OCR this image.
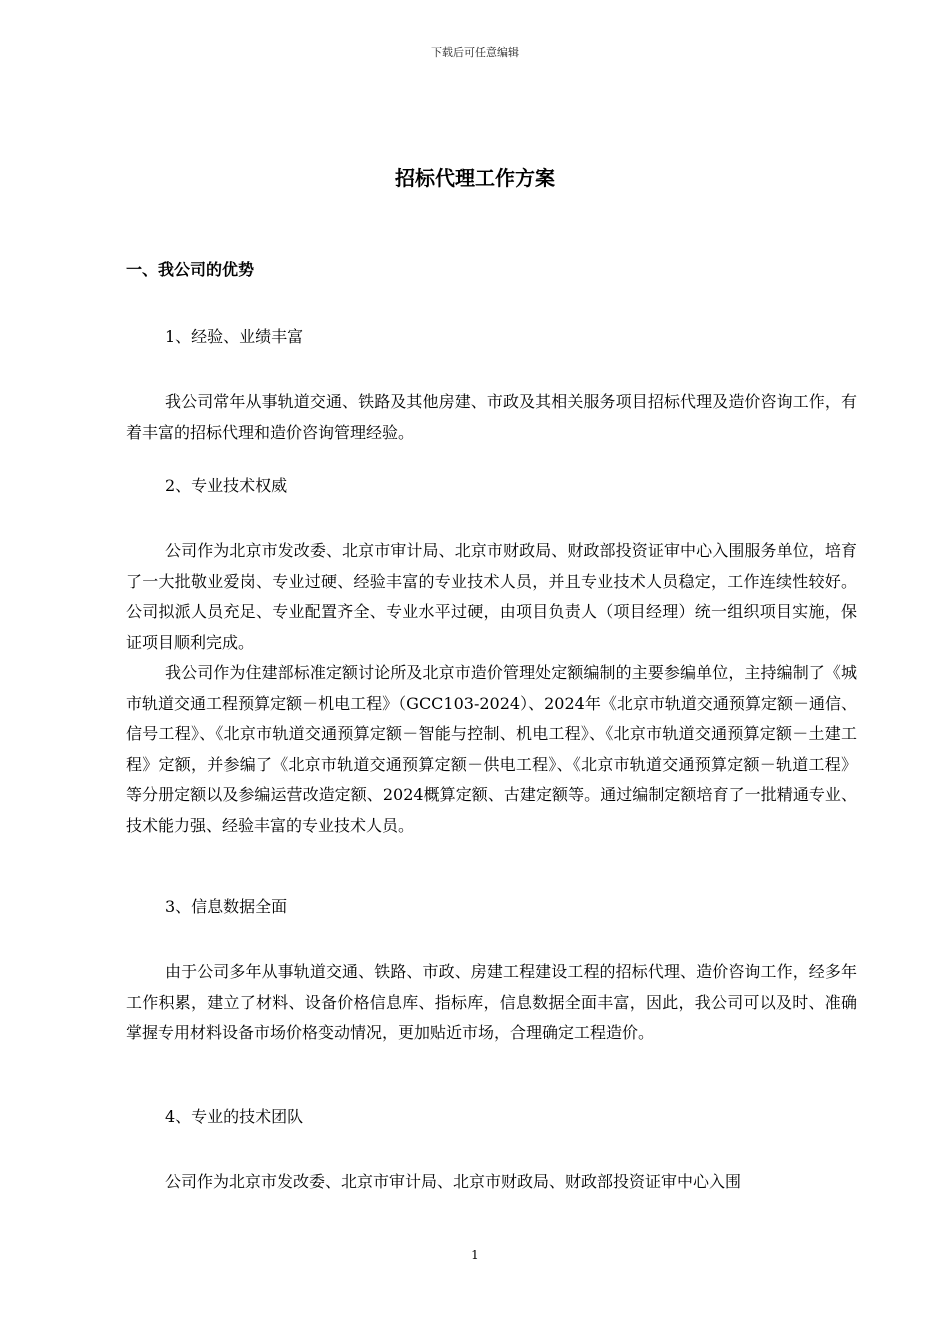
下载后可任意编辑
招标代理工作方案
一、我公司的优势
1、经验、业绩丰富

我公司常年从事轨道交通、铁路及其他房建、市政及其相关服务项目招标代理及造价咨询工作，有着丰富的招标代理和造价咨询管理经验。

2、专业技术权威

公司作为北京市发改委、北京市审计局、北京市财政局、财政部投资证审中心入围服务单位，培育了一大批敬业爱岗、专业过硬、经验丰富的专业技术人员，并且专业技术人员稳定，工作连续性较好。公司拟派人员充足、专业配置齐全、专业水平过硬，由项目负责人（项目经理）统一组织项目实施，保证项目顺利完成。

我公司作为住建部标准定额讨论所及北京市造价管理处定额编制的主要参编单位，主持编制了《城市轨道交通工程预算定额－机电工程》（GCC103-2024）、2024年《北京市轨道交通预算定额－通信、信号工程》、《北京市轨道交通预算定额－智能与控制、机电工程》、《北京市轨道交通预算定额－土建工程》定额，并参编了《北京市轨道交通预算定额－供电工程》、《北京市轨道交通预算定额－轨道工程》等分册定额以及参编运营改造定额、2024概算定额、古建定额等。通过编制定额培育了一批精通专业、技术能力强、经验丰富的专业技术人员。

3、信息数据全面

由于公司多年从事轨道交通、铁路、市政、房建工程建设工程的招标代理、造价咨询工作，经多年工作积累，建立了材料、设备价格信息库、指标库，信息数据全面丰富，因此，我公司可以及时、准确掌握专用材料设备市场价格变动情况，更加贴近市场，合理确定工程造价。

4、专业的技术团队

公司作为北京市发改委、北京市审计局、北京市财政局、财政部投资证审中心入围

1
